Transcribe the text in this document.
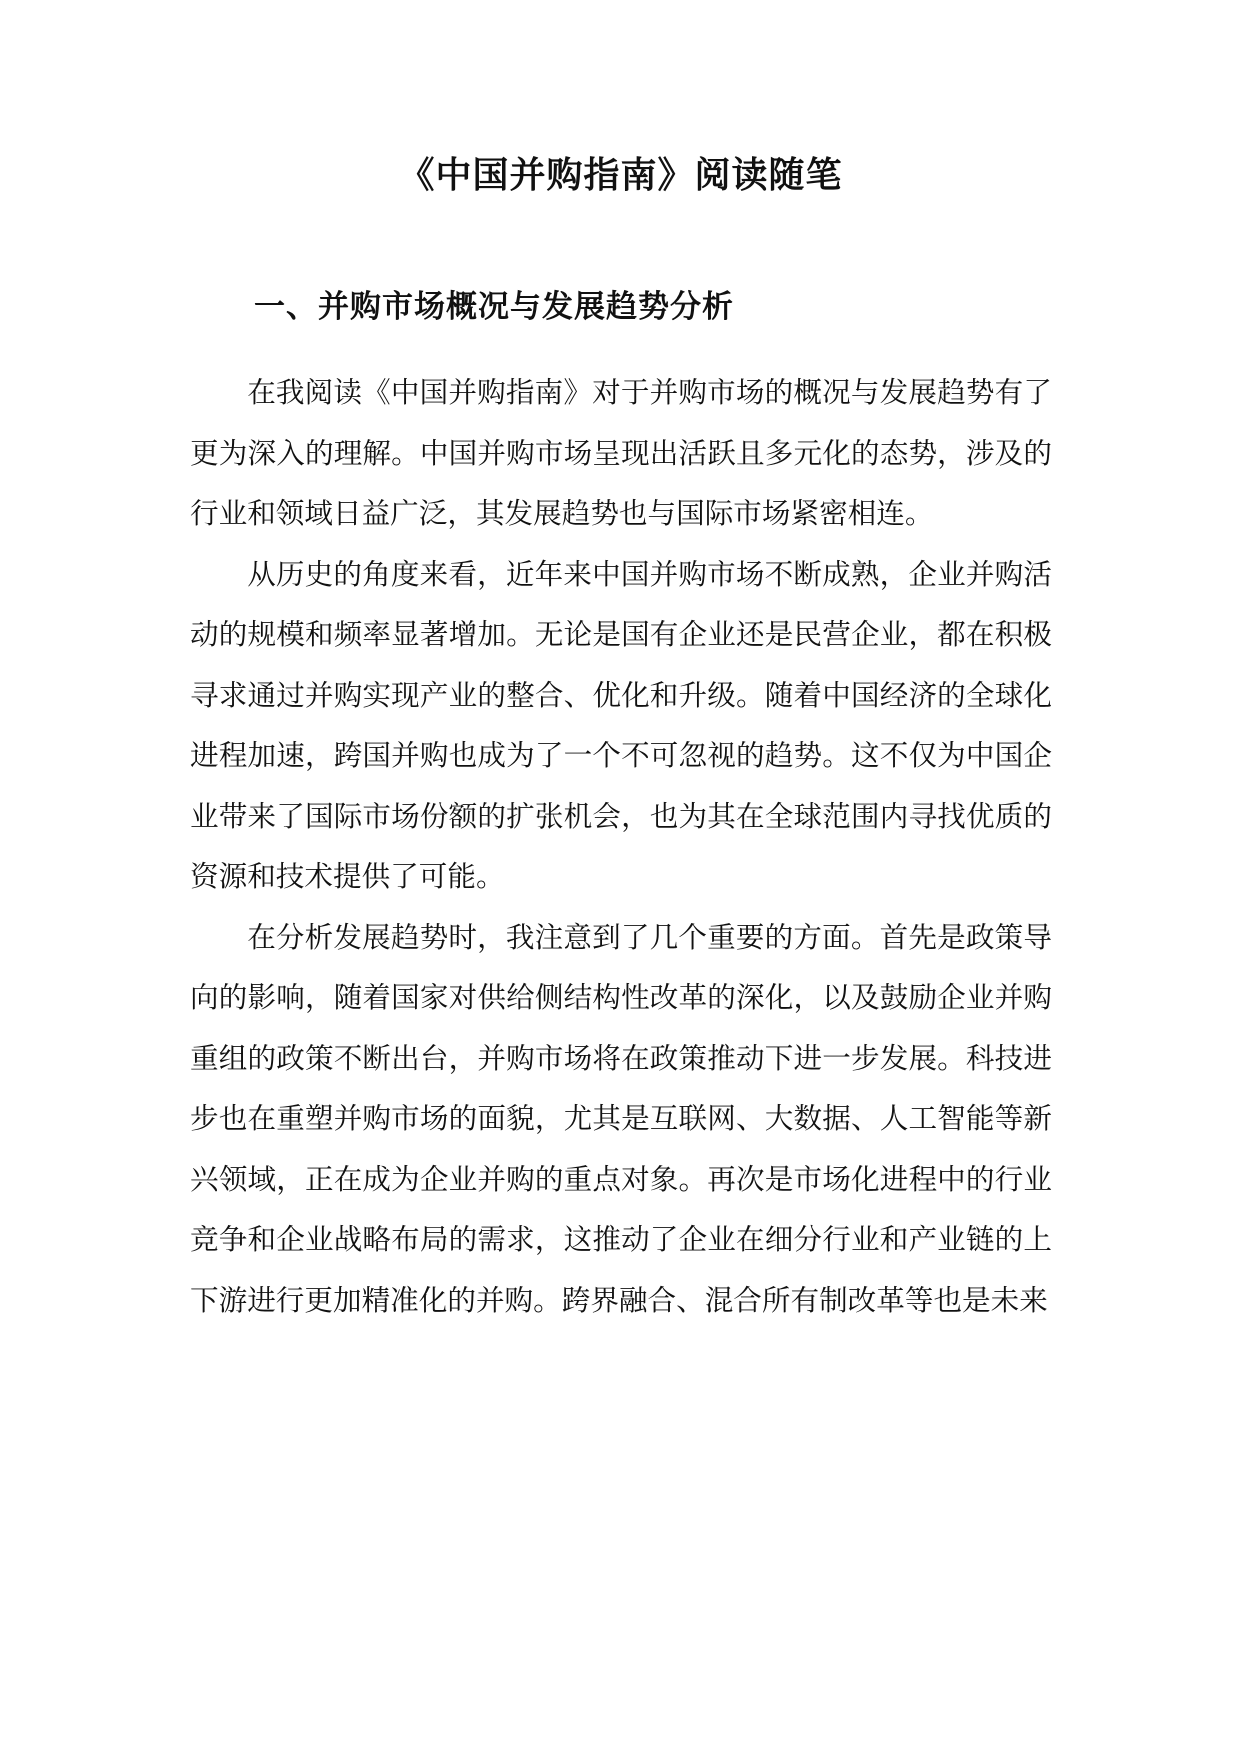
《中国并购指南》阅读随笔
一、并购市场概况与发展趋势分析

在我阅读《中国并购指南》对于并购市场的概况与发展趋势有了更为深入的理解。中国并购市场呈现出活跃且多元化的态势，涉及的行业和领域日益广泛，其发展趋势也与国际市场紧密相连。

从历史的角度来看，近年来中国并购市场不断成熟，企业并购活动的规模和频率显著增加。无论是国有企业还是民营企业，都在积极寻求通过并购实现产业的整合、优化和升级。随着中国经济的全球化进程加速，跨国并购也成为了一个不可忽视的趋势。这不仅为中国企业带来了国际市场份额的扩张机会，也为其在全球范围内寻找优质的资源和技术提供了可能。

在分析发展趋势时，我注意到了几个重要的方面。首先是政策导向的影响，随着国家对供给侧结构性改革的深化，以及鼓励企业并购重组的政策不断出台，并购市场将在政策推动下进一步发展。科技进步也在重塑并购市场的面貌，尤其是互联网、大数据、人工智能等新兴领域，正在成为企业并购的重点对象。再次是市场化进程中的行业竞争和企业战略布局的需求，这推动了企业在细分行业和产业链的上下游进行更加精准化的并购。跨界融合、混合所有制改革等也是未来
